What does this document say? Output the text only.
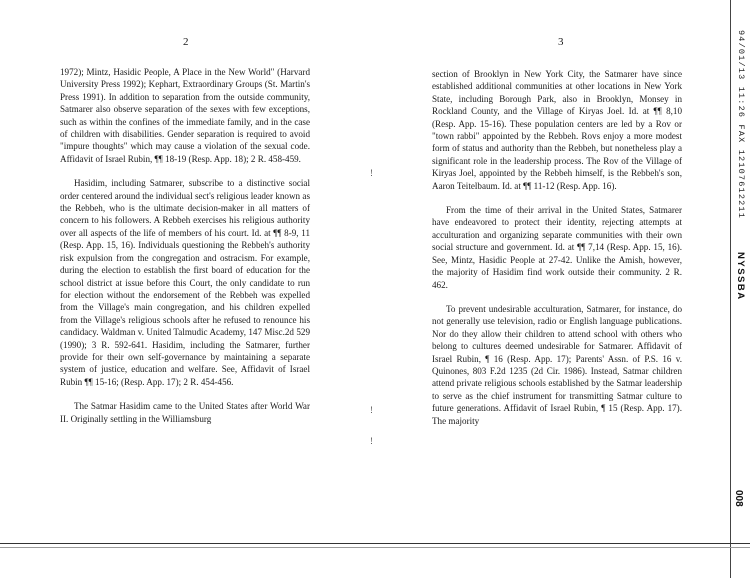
2

1972); Mintz, Hasidic People, A Place in the New World" (Harvard University Press 1992); Kephart, Extraordinary Groups (St. Martin's Press 1991). In addition to separation from the outside community, Satmarer also observe separation of the sexes with few exceptions, such as within the confines of the immediate family, and in the case of children with disabilities. Gender separation is required to avoid "impure thoughts" which may cause a violation of the sexual code. Affidavit of Israel Rubin, ¶¶ 18-19 (Resp. App. 18); 2 R. 458-459.

Hasidim, including Satmarer, subscribe to a distinctive social order centered around the individual sect's religious leader known as the Rebbeh, who is the ultimate decision-maker in all matters of concern to his followers. A Rebbeh exercises his religious authority over all aspects of the life of members of his court. Id. at ¶¶ 8-9, 11 (Resp. App. 15, 16). Individuals questioning the Rebbeh's authority risk expulsion from the congregation and ostracism. For example, during the election to establish the first board of education for the school district at issue before this Court, the only candidate to run for election without the endorsement of the Rebbeh was expelled from the Village's main congregation, and his children expelled from the Village's religious schools after he refused to renounce his candidacy. Waldman v. United Talmudic Academy, 147 Misc.2d 529 (1990); 3 R. 592-641. Hasidim, including the Satmarer, further provide for their own self-governance by maintaining a separate system of justice, education and welfare. See, Affidavit of Israel Rubin ¶¶ 15-16; (Resp. App. 17); 2 R. 454-456.

The Satmar Hasidim came to the United States after World War II. Originally settling in the Williamsburg

!
!
!
3

section of Brooklyn in New York City, the Satmarer have since established additional communities at other locations in New York State, including Borough Park, also in Brooklyn, Monsey in Rockland County, and the Village of Kiryas Joel. Id. at ¶¶ 8,10 (Resp. App. 15-16). These population centers are led by a Rov or "town rabbi" appointed by the Rebbeh. Rovs enjoy a more modest form of status and authority than the Rebbeh, but nonetheless play a significant role in the leadership process. The Rov of the Village of Kiryas Joel, appointed by the Rebbeh himself, is the Rebbeh's son, Aaron Teitelbaum. Id. at ¶¶ 11-12 (Resp. App. 16).

From the time of their arrival in the United States, Satmarer have endeavored to protect their identity, rejecting attempts at acculturation and organizing separate communities with their own social structure and government. Id. at ¶¶ 7,14 (Resp. App. 15, 16). See, Mintz, Hasidic People at 27-42. Unlike the Amish, however, the majority of Hasidim find work outside their community. 2 R. 462.

To prevent undesirable acculturation, Satmarer, for instance, do not generally use television, radio or English language publications. Nor do they allow their children to attend school with others who belong to cultures deemed undesirable for Satmarer. Affidavit of Israel Rubin, ¶ 16 (Resp. App. 17); Parents' Assn. of P.S. 16 v. Quinones, 803 F.2d 1235 (2d Cir. 1986). Instead, Satmar children attend private religious schools established by the Satmar leadership to serve as the chief instrument for transmitting Satmar culture to future generations. Affidavit of Israel Rubin, ¶ 15 (Resp. App. 17). The majority

94/01/13 11:26 FAX 12107612211
NYSSBA
008
